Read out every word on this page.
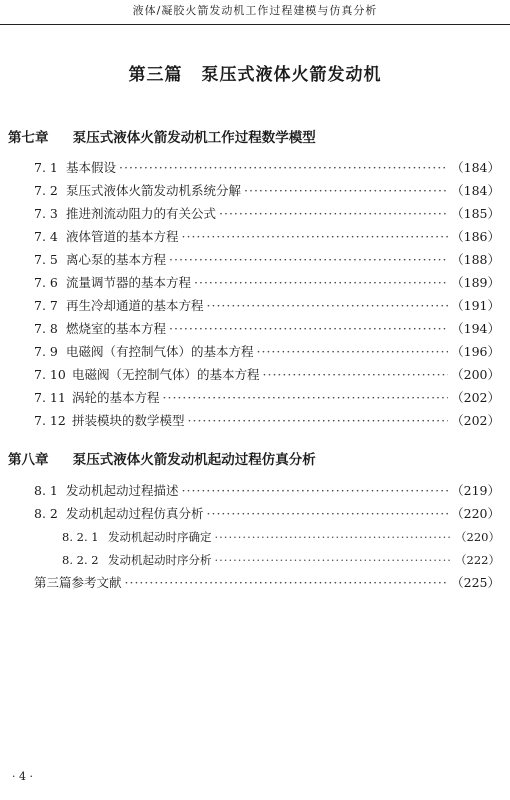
液体/凝胶火箭发动机工作过程建模与仿真分析
第三篇 泵压式液体火箭发动机
第七章 泵压式液体火箭发动机工作过程数学模型
7. 1 基本假设 ·····	（184）
7. 2 泵压式液体火箭发动机系统分解 ·····	（184）
7. 3 推进剂流动阻力的有关公式 ·····	（185）
7. 4 液体管道的基本方程 ·····	（186）
7. 5 离心泵的基本方程 ·····	（188）
7. 6 流量调节器的基本方程 ·····	（189）
7. 7 再生冷却通道的基本方程 ·····	（191）
7. 8 燃烧室的基本方程 ·····	（194）
7. 9 电磁阀（有控制气体）的基本方程 ·····	（196）
7. 10 电磁阀（无控制气体）的基本方程 ·····	（200）
7. 11 涡轮的基本方程 ·····	（202）
7. 12 拼装模块的数学模型 ·····	（202）
第八章 泵压式液体火箭发动机起动过程仿真分析
8. 1 发动机起动过程描述 ·····	（219）
8. 2 发动机起动过程仿真分析 ·····	（220）
8. 2. 1 发动机起动时序确定 ·····	（220）
8. 2. 2 发动机起动时序分析 ·····	（222）
第三篇参考文献 ·····	（225）
· 4 ·
